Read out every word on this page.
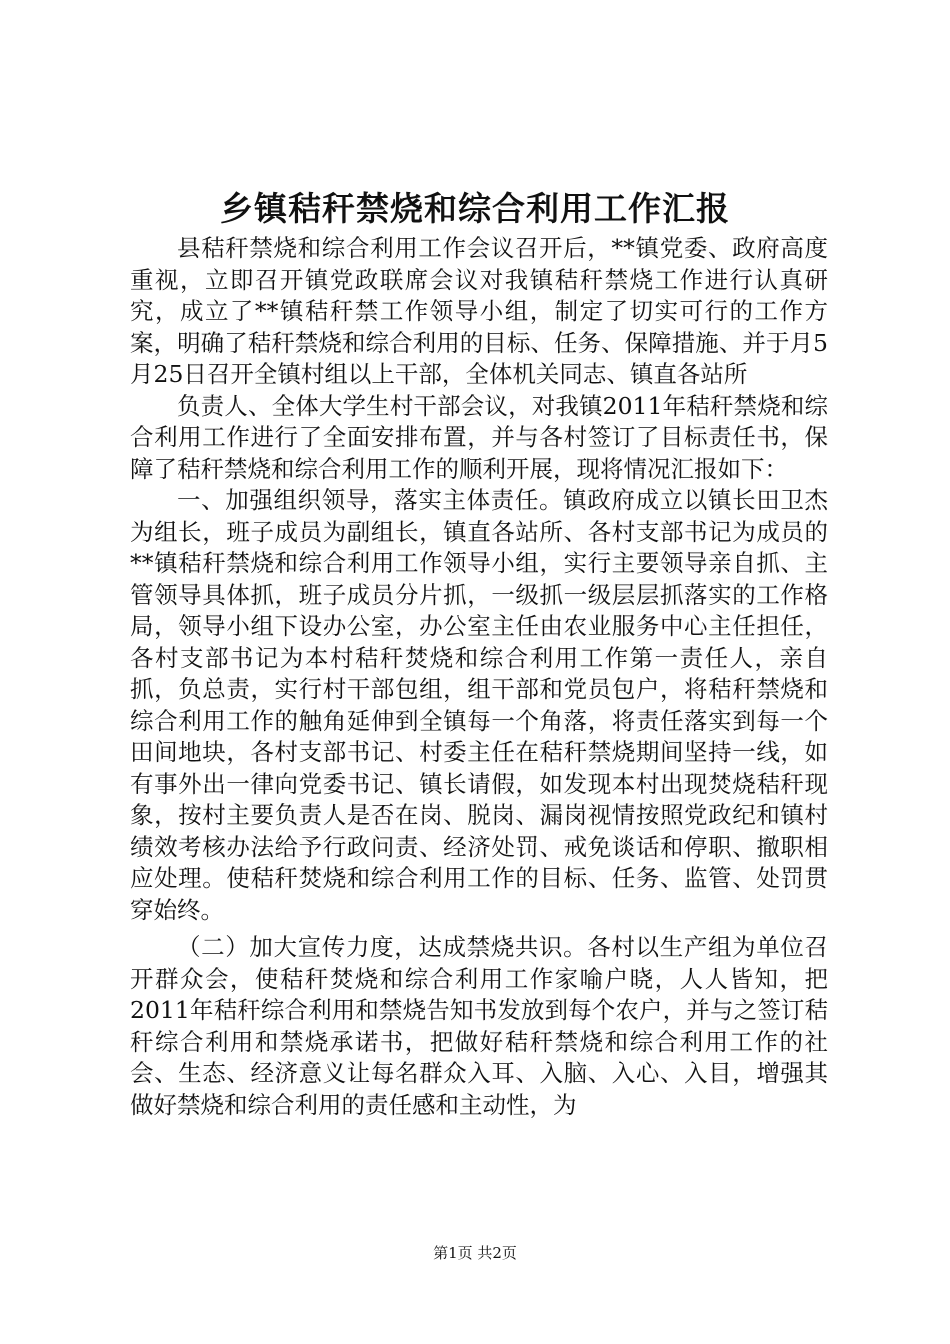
乡镇秸秆禁烧和综合利用工作汇报

县秸秆禁烧和综合利用工作会议召开后，**镇党委、政府高度重视，立即召开镇党政联席会议对我镇秸秆禁烧工作进行认真研究，成立了**镇秸秆禁工作领导小组，制定了切实可行的工作方案，明确了秸秆禁烧和综合利用的目标、任务、保障措施、并于月5月25日召开全镇村组以上干部，全体机关同志、镇直各站所

负责人、全体大学生村干部会议，对我镇2011年秸秆禁烧和综合利用工作进行了全面安排布置，并与各村签订了目标责任书，保障了秸秆禁烧和综合利用工作的顺利开展，现将情况汇报如下：

一、加强组织领导，落实主体责任。镇政府成立以镇长田卫杰为组长，班子成员为副组长，镇直各站所、各村支部书记为成员的**镇秸秆禁烧和综合利用工作领导小组，实行主要领导亲自抓、主管领导具体抓，班子成员分片抓，一级抓一级层层抓落实的工作格局，领导小组下设办公室，办公室主任由农业服务中心主任担任，各村支部书记为本村秸秆焚烧和综合利用工作第一责任人，亲自抓，负总责，实行村干部包组，组干部和党员包户，将秸秆禁烧和综合利用工作的触角延伸到全镇每一个角落，将责任落实到每一个田间地块，各村支部书记、村委主任在秸秆禁烧期间坚持一线，如有事外出一律向党委书记、镇长请假，如发现本村出现焚烧秸秆现象，按村主要负责人是否在岗、脱岗、漏岗视情按照党政纪和镇村绩效考核办法给予行政问责、经济处罚、戒免谈话和停职、撤职相应处理。使秸秆焚烧和综合利用工作的目标、任务、监管、处罚贯穿始终。

（二）加大宣传力度，达成禁烧共识。各村以生产组为单位召开群众会，使秸秆焚烧和综合利用工作家喻户晓，人人皆知，把2011年秸秆综合利用和禁烧告知书发放到每个农户，并与之签订秸秆综合利用和禁烧承诺书，把做好秸秆禁烧和综合利用工作的社会、生态、经济意义让每名群众入耳、入脑、入心、入目，增强其做好禁烧和综合利用的责任感和主动性，为

第1页 共2页
